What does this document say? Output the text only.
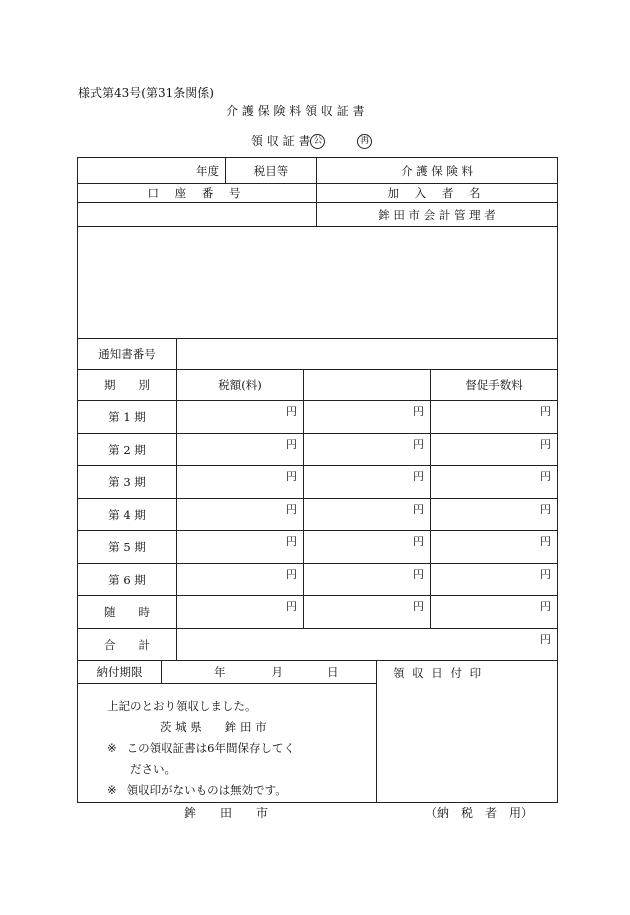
様式第43号(第31条関係)
介 護 保 険 料 領 収 証 書
領 収 証 書 公	再
年度	税目等	介 護 保 険 料
口 座 番 号		加 入 者 名
		鉾 田 市 会 計 管 理 者

通知書番号			
期　　別	税額(料)		督促手数料
第 1 期	円	円	円
第 2 期	円	円	円
第 3 期	円	円	円
第 4 期	円	円	円
第 5 期	円	円	円
第 6 期	円	円	円
随　　時	円	円	円
合　　計	円		
納付期限	年	月	日	領 収 日 付 印

上記のとおり領収しました。
茨 城 県　　鉾 田 市
※ この領収証書は6年間保存してく
ださい。
※ 領収印がないものは無効です。
鉾　　田　　市	（納　税　者　用）
